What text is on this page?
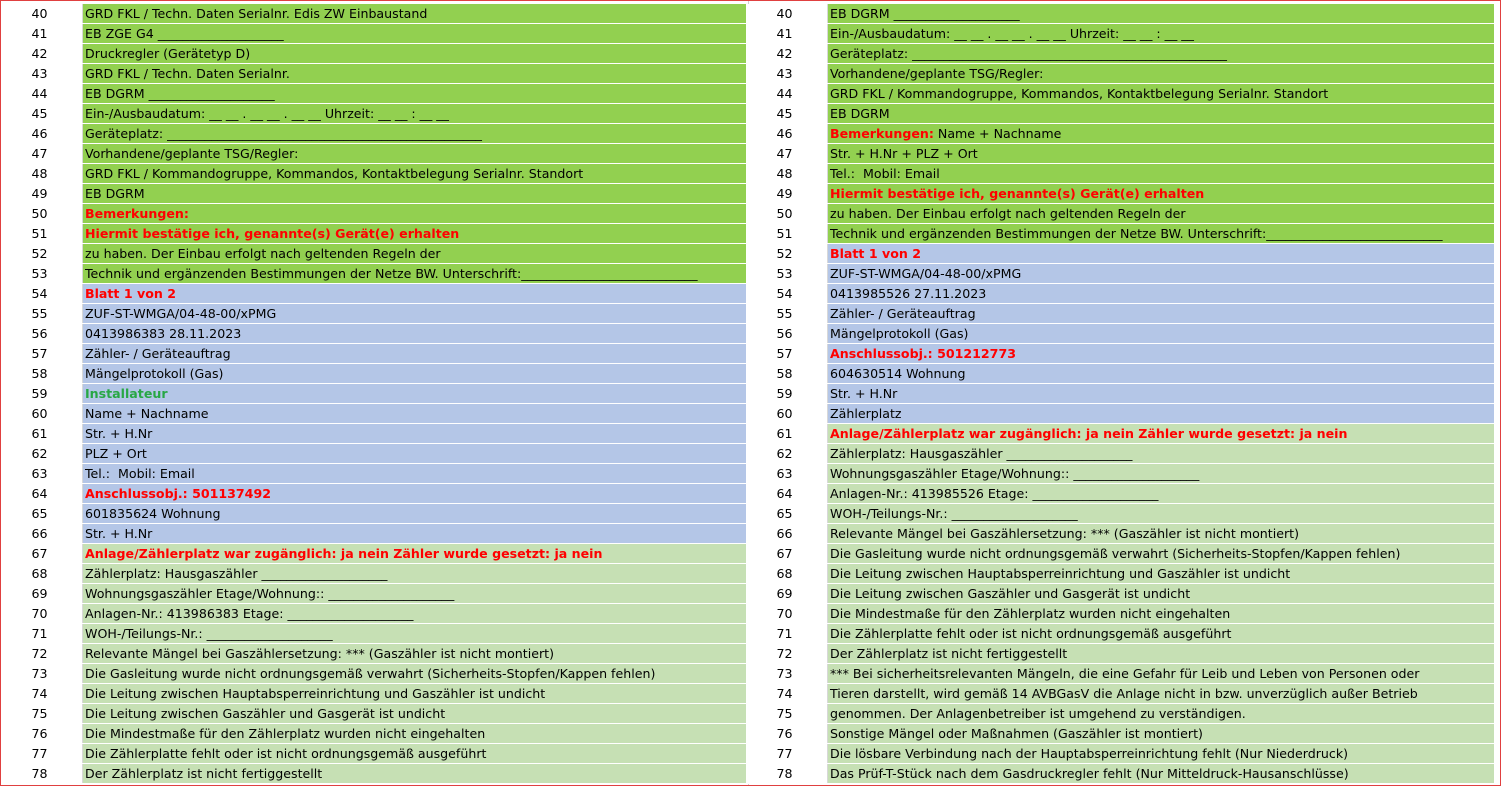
40	GRD FKL / Techn. Daten Serialnr. Edis ZW Einbaustand
41	EB ZGE G4 ____________________
42	Druckregler (Gerätetyp D)
43	GRD FKL / Techn. Daten Serialnr.
44	EB DGRM ____________________
45	Ein-/Ausbaudatum: __ __ . __ __ . __ __ Uhrzeit: __ __ : __ __
46	Geräteplatz: __________________________________________________
47	Vorhandene/geplante TSG/Regler:
48	GRD FKL / Kommandogruppe, Kommandos, Kontaktbelegung Serialnr. Standort
49	EB DGRM
50	Bemerkungen:
51	Hiermit bestätige ich, genannte(s) Gerät(e) erhalten
52	zu haben. Der Einbau erfolgt nach geltenden Regeln der
53	Technik und ergänzenden Bestimmungen der Netze BW. Unterschrift:____________________________
54	Blatt 1 von 2
55	ZUF-ST-WMGA/04-48-00/xPMG
56	0413986383 28.11.2023
57	Zähler- / Geräteauftrag
58	Mängelprotokoll (Gas)
59	Installateur
60	Name + Nachname
61	Str. + H.Nr
62	PLZ + Ort
63	Tel.:  Mobil: Email
64	Anschlussobj.: 501137492
65	601835624 Wohnung
66	Str. + H.Nr
67	Anlage/Zählerplatz war zugänglich: ja nein Zähler wurde gesetzt: ja nein
68	Zählerplatz: Hausgaszähler ____________________
69	Wohnungsgaszähler Etage/Wohnung:: ____________________
70	Anlagen-Nr.: 413986383 Etage: ____________________
71	WOH-/Teilungs-Nr.: ____________________
72	Relevante Mängel bei Gaszählersetzung: *** (Gaszähler ist nicht montiert)
73	Die Gasleitung wurde nicht ordnungsgemäß verwahrt (Sicherheits-Stopfen/Kappen fehlen)
74	Die Leitung zwischen Hauptabsperreinrichtung und Gaszähler ist undicht
75	Die Leitung zwischen Gaszähler und Gasgerät ist undicht
76	Die Mindestmaße für den Zählerplatz wurden nicht eingehalten
77	Die Zählerplatte fehlt oder ist nicht ordnungsgemäß ausgeführt
78	Der Zählerplatz ist nicht fertiggestellt
40	EB DGRM ____________________
41	Ein-/Ausbaudatum: __ __ . __ __ . __ __ Uhrzeit: __ __ : __ __
42	Geräteplatz: __________________________________________________
43	Vorhandene/geplante TSG/Regler:
44	GRD FKL / Kommandogruppe, Kommandos, Kontaktbelegung Serialnr. Standort
45	EB DGRM
46	Bemerkungen: Name + Nachname
47	Str. + H.Nr + PLZ + Ort
48	Tel.:  Mobil: Email
49	Hiermit bestätige ich, genannte(s) Gerät(e) erhalten
50	zu haben. Der Einbau erfolgt nach geltenden Regeln der
51	Technik und ergänzenden Bestimmungen der Netze BW. Unterschrift:____________________________
52	Blatt 1 von 2
53	ZUF-ST-WMGA/04-48-00/xPMG
54	0413985526 27.11.2023
55	Zähler- / Geräteauftrag
56	Mängelprotokoll (Gas)
57	Anschlussobj.: 501212773
58	604630514 Wohnung
59	Str. + H.Nr
60	Zählerplatz
61	Anlage/Zählerplatz war zugänglich: ja nein Zähler wurde gesetzt: ja nein
62	Zählerplatz: Hausgaszähler ____________________
63	Wohnungsgaszähler Etage/Wohnung:: ____________________
64	Anlagen-Nr.: 413985526 Etage: ____________________
65	WOH-/Teilungs-Nr.: ____________________
66	Relevante Mängel bei Gaszählersetzung: *** (Gaszähler ist nicht montiert)
67	Die Gasleitung wurde nicht ordnungsgemäß verwahrt (Sicherheits-Stopfen/Kappen fehlen)
68	Die Leitung zwischen Hauptabsperreinrichtung und Gaszähler ist undicht
69	Die Leitung zwischen Gaszähler und Gasgerät ist undicht
70	Die Mindestmaße für den Zählerplatz wurden nicht eingehalten
71	Die Zählerplatte fehlt oder ist nicht ordnungsgemäß ausgeführt
72	Der Zählerplatz ist nicht fertiggestellt
73	*** Bei sicherheitsrelevanten Mängeln, die eine Gefahr für Leib und Leben von Personen oder
74	Tieren darstellt, wird gemäß 14 AVBGasV die Anlage nicht in bzw. unverzüglich außer Betrieb
75	genommen. Der Anlagenbetreiber ist umgehend zu verständigen.
76	Sonstige Mängel oder Maßnahmen (Gaszähler ist montiert)
77	Die lösbare Verbindung nach der Hauptabsperreinrichtung fehlt (Nur Niederdruck)
78	Das Prüf-T-Stück nach dem Gasdruckregler fehlt (Nur Mitteldruck-Hausanschlüsse)
